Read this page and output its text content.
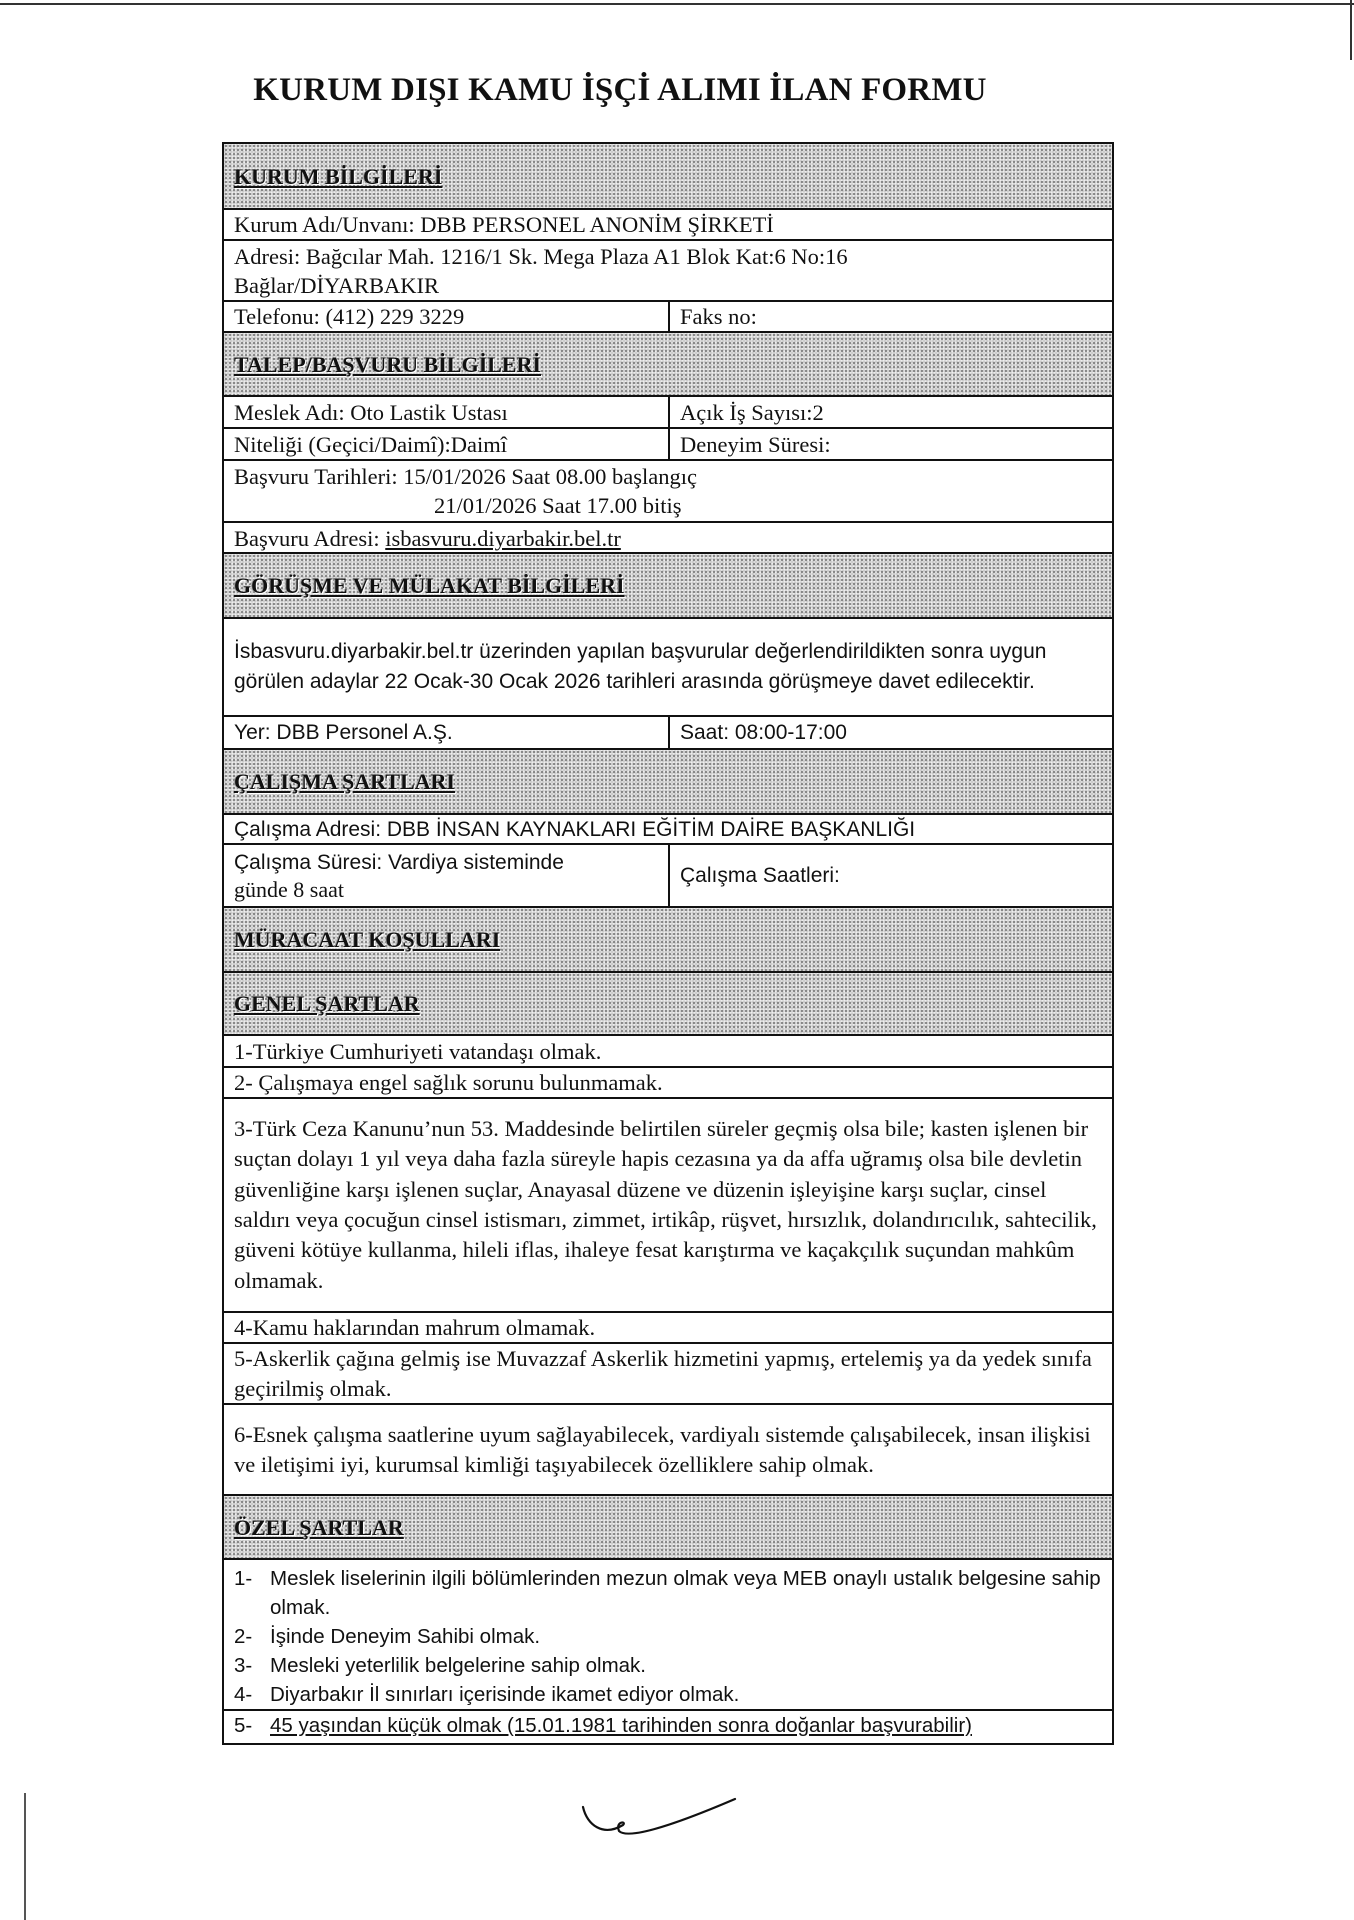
KURUM DIŞI KAMU İŞÇİ ALIMI İLAN FORMU
KURUM BİLGİLERİ
Kurum Adı/Unvanı: DBB PERSONEL ANONİM ŞİRKETİ
Adresi: Bağcılar Mah. 1216/1 Sk. Mega Plaza A1 Blok Kat:6 No:16
Bağlar/DİYARBAKIR
Telefonu: (412) 229 3229	Faks no:
TALEP/BAŞVURU BİLGİLERİ
Meslek Adı: Oto Lastik Ustası	Açık İş Sayısı:2
Niteliği (Geçici/Daimî):Daimî	Deneyim Süresi:
Başvuru Tarihleri: 15/01/2026 Saat 08.00 başlangıç
21/01/2026 Saat 17.00 bitiş
Başvuru Adresi: isbasvuru.diyarbakir.bel.tr
GÖRÜŞME VE MÜLAKAT BİLGİLERİ
İsbasvuru.diyarbakir.bel.tr üzerinden yapılan başvurular değerlendirildikten sonra uygun görülen adaylar 22 Ocak-30 Ocak 2026 tarihleri arasında görüşmeye davet edilecektir.
Yer: DBB Personel A.Ş.	Saat: 08:00-17:00
ÇALIŞMA ŞARTLARI
Çalışma Adresi: DBB İNSAN KAYNAKLARI EĞİTİM DAİRE BAŞKANLIĞI
Çalışma Süresi: Vardiya sisteminde
günde 8 saat
Çalışma Saatleri:
MÜRACAAT KOŞULLARI
GENEL ŞARTLAR
1-Türkiye Cumhuriyeti vatandaşı olmak.
2- Çalışmaya engel sağlık sorunu bulunmamak.
3-Türk Ceza Kanunu’nun 53. Maddesinde belirtilen süreler geçmiş olsa bile; kasten işlenen bir suçtan dolayı 1 yıl veya daha fazla süreyle hapis cezasına ya da affa uğramış olsa bile devletin güvenliğine karşı işlenen suçlar, Anayasal düzene ve düzenin işleyişine karşı suçlar, cinsel saldırı veya çocuğun cinsel istismarı, zimmet, irtikâp, rüşvet, hırsızlık, dolandırıcılık, sahtecilik, güveni kötüye kullanma, hileli iflas, ihaleye fesat karıştırma ve kaçakçılık suçundan mahkûm olmamak.
4-Kamu haklarından mahrum olmamak.
5-Askerlik çağına gelmiş ise Muvazzaf Askerlik hizmetini yapmış, ertelemiş ya da yedek sınıfa geçirilmiş olmak.
6-Esnek çalışma saatlerine uyum sağlayabilecek, vardiyalı sistemde çalışabilecek, insan ilişkisi ve iletişimi iyi, kurumsal kimliği taşıyabilecek özelliklere sahip olmak.
ÖZEL ŞARTLAR
1- Meslek liselerinin ilgili bölümlerinden mezun olmak veya MEB onaylı ustalık belgesine sahip olmak.
2- İşinde Deneyim Sahibi olmak.
3- Mesleki yeterlilik belgelerine sahip olmak.
4- Diyarbakır İl sınırları içerisinde ikamet ediyor olmak.
5- 45 yaşından küçük olmak (15.01.1981 tarihinden sonra doğanlar başvurabilir)
